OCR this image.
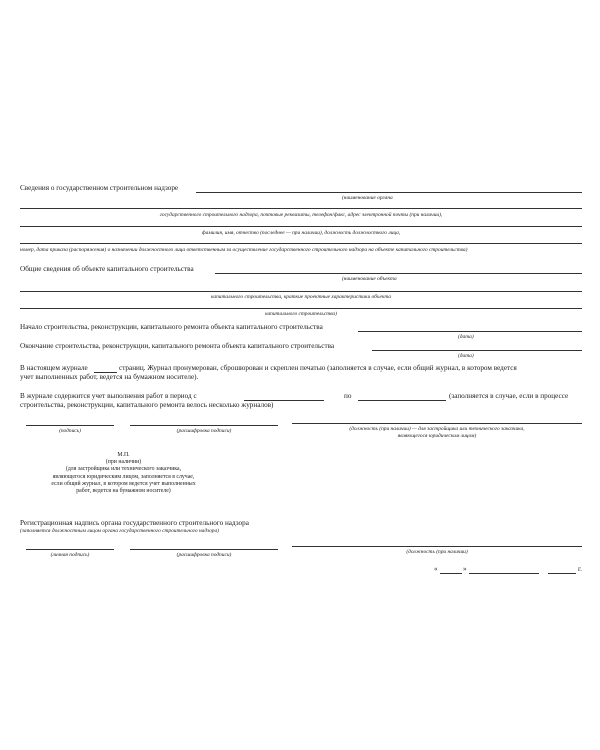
Сведения о государственном строительном надзоре
(наименование органа
государственного строительного надзора, почтовые реквизиты, телефон/факс, адрес электронной почты (при наличии),
фамилия, имя, отчество (последнее — при наличии), должность должностного лица,
номер, дата приказа (распоряжения) о назначении должностного лица ответственным за осуществление государственного строительного надзора на объекте капитального строительства)
Общие сведения об объекте капитального строительства
(наименование объекта
капитального строительства, краткие проектные характеристики объекта
капитального строительства)
Начало строительства, реконструкции, капитального ремонта объекта капитального строительства
(дата)
Окончание строительства, реконструкции, капитального ремонта объекта капитального строительства
(дата)
В настоящем журнале	страниц. Журнал пронумерован, сброшюрован и скреплен печатью (заполняется в случае, если общий журнал, в котором ведется
учет выполненных работ, ведется на бумажном носителе).
В журнале содержится учет выполнения работ в период с	по	(заполняется в случае, если в процессе
строительства, реконструкции, капитального ремонта велось несколько журналов)
(подпись)	(расшифровка подписи)	(должность (при наличии) — для застройщика или технического заказчика,
являющегося юридическим лицом)
М.П.
(при наличии)
(для застройщика или технического заказчика,
являющегося юридическим лицом, заполняется в случае,
если общий журнал, в котором ведется учет выполненных
работ, ведется на бумажном носителе)
Регистрационная надпись органа государственного строительного надзора
(заполняется должностным лицом органа государственного строительного надзора)
(личная подпись)	(расшифровка подписи)	(должность (при наличии)
«	»	г.
